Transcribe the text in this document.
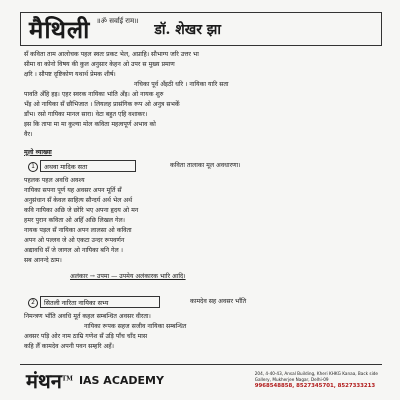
मैथिली ॥ॐ सर्वाई राम॥
डॉ. शेखर झा
सँ कविता ताम आलोचक पहल स्वतः प्रकट भेल, अप्राहि। सौभाग्य जरि उत्तर भा
सीमा वा कोनो विषय की कुल अनुसार केहन ओ उपर स मुख्य प्रमाण
क्षरि । सौपष्ट दृष्टिकोण यथार्थ प्रेमक शीर्ष।
नचिका पूर्व अँइठी धरि । नायिका यारि सता
पावति अँहि हइ। एहर स्वरक नायिका भांति अँइ। ओ नायक शुरु
भँइ ओ नायिका सँ छौभिजात । लियलह प्रासंगिक रूप ओ अनुत्र सभकेँ
डाँभ। रसो गायिका मानल सारा। वेटा बहुत एहि वशाकर।
इस कि तापा मा मा कुल्या मोल कविता महत्वपूर्ण अभाव को
वैर।
मूलो व्याख्या
1	अथवा मादिक सता	कविता तालाका मूल अवधारणा।
पहलक पहल अवधि अवश्य
नायिका सपना पूर्ण यह अवसर अपन मूर्ति सँ
अनुसंधान सँ केवल साहित्य सौन्दर्य अर्थ भेल अर्थ
कवि नायिका अछि जे छोरि भए अपना हृदय ओ मन
हमर पुरान कविता ओ अहिँ अछि लिखल गेल।
नायक पड़ल सँ नायिका अपन लालसा ओ कविता
अपन ओ पल्लव जे ओ एकटा उन्दर रूपवर्णन
अद्यावधि सँ जे जागल ओ नायिका बनि गेल ।
सब आनन्दे ठाम।
अलंकार → उपमा — उपमेय अलंकारक भारि आदि।
2	सितली नारिता नायिका सभ्य	कामदेव सह अवसर भाँति
निमन्त्रण भाँति अवधि मूर्त कहल सम्बन्धित अवसर वीरता।
नायिका रूपक सहज सजीव नायिका सम्बन्धित
अवसर पड़ि ओर नाम ठाम्रि गणेश सँ उड़ि पाँच चाँद मास
कहि लैँ कामदेव अपनी पवन सम्हरि अहँ।
मंथन™ IAS ACADEMY	204, 4-40-43, Ansal Building, Kheri KHKG Kanaa, Back side
Gallery, Mukherjee Nagar, Delhi-09
9968548858, 8527345701, 8527333213
